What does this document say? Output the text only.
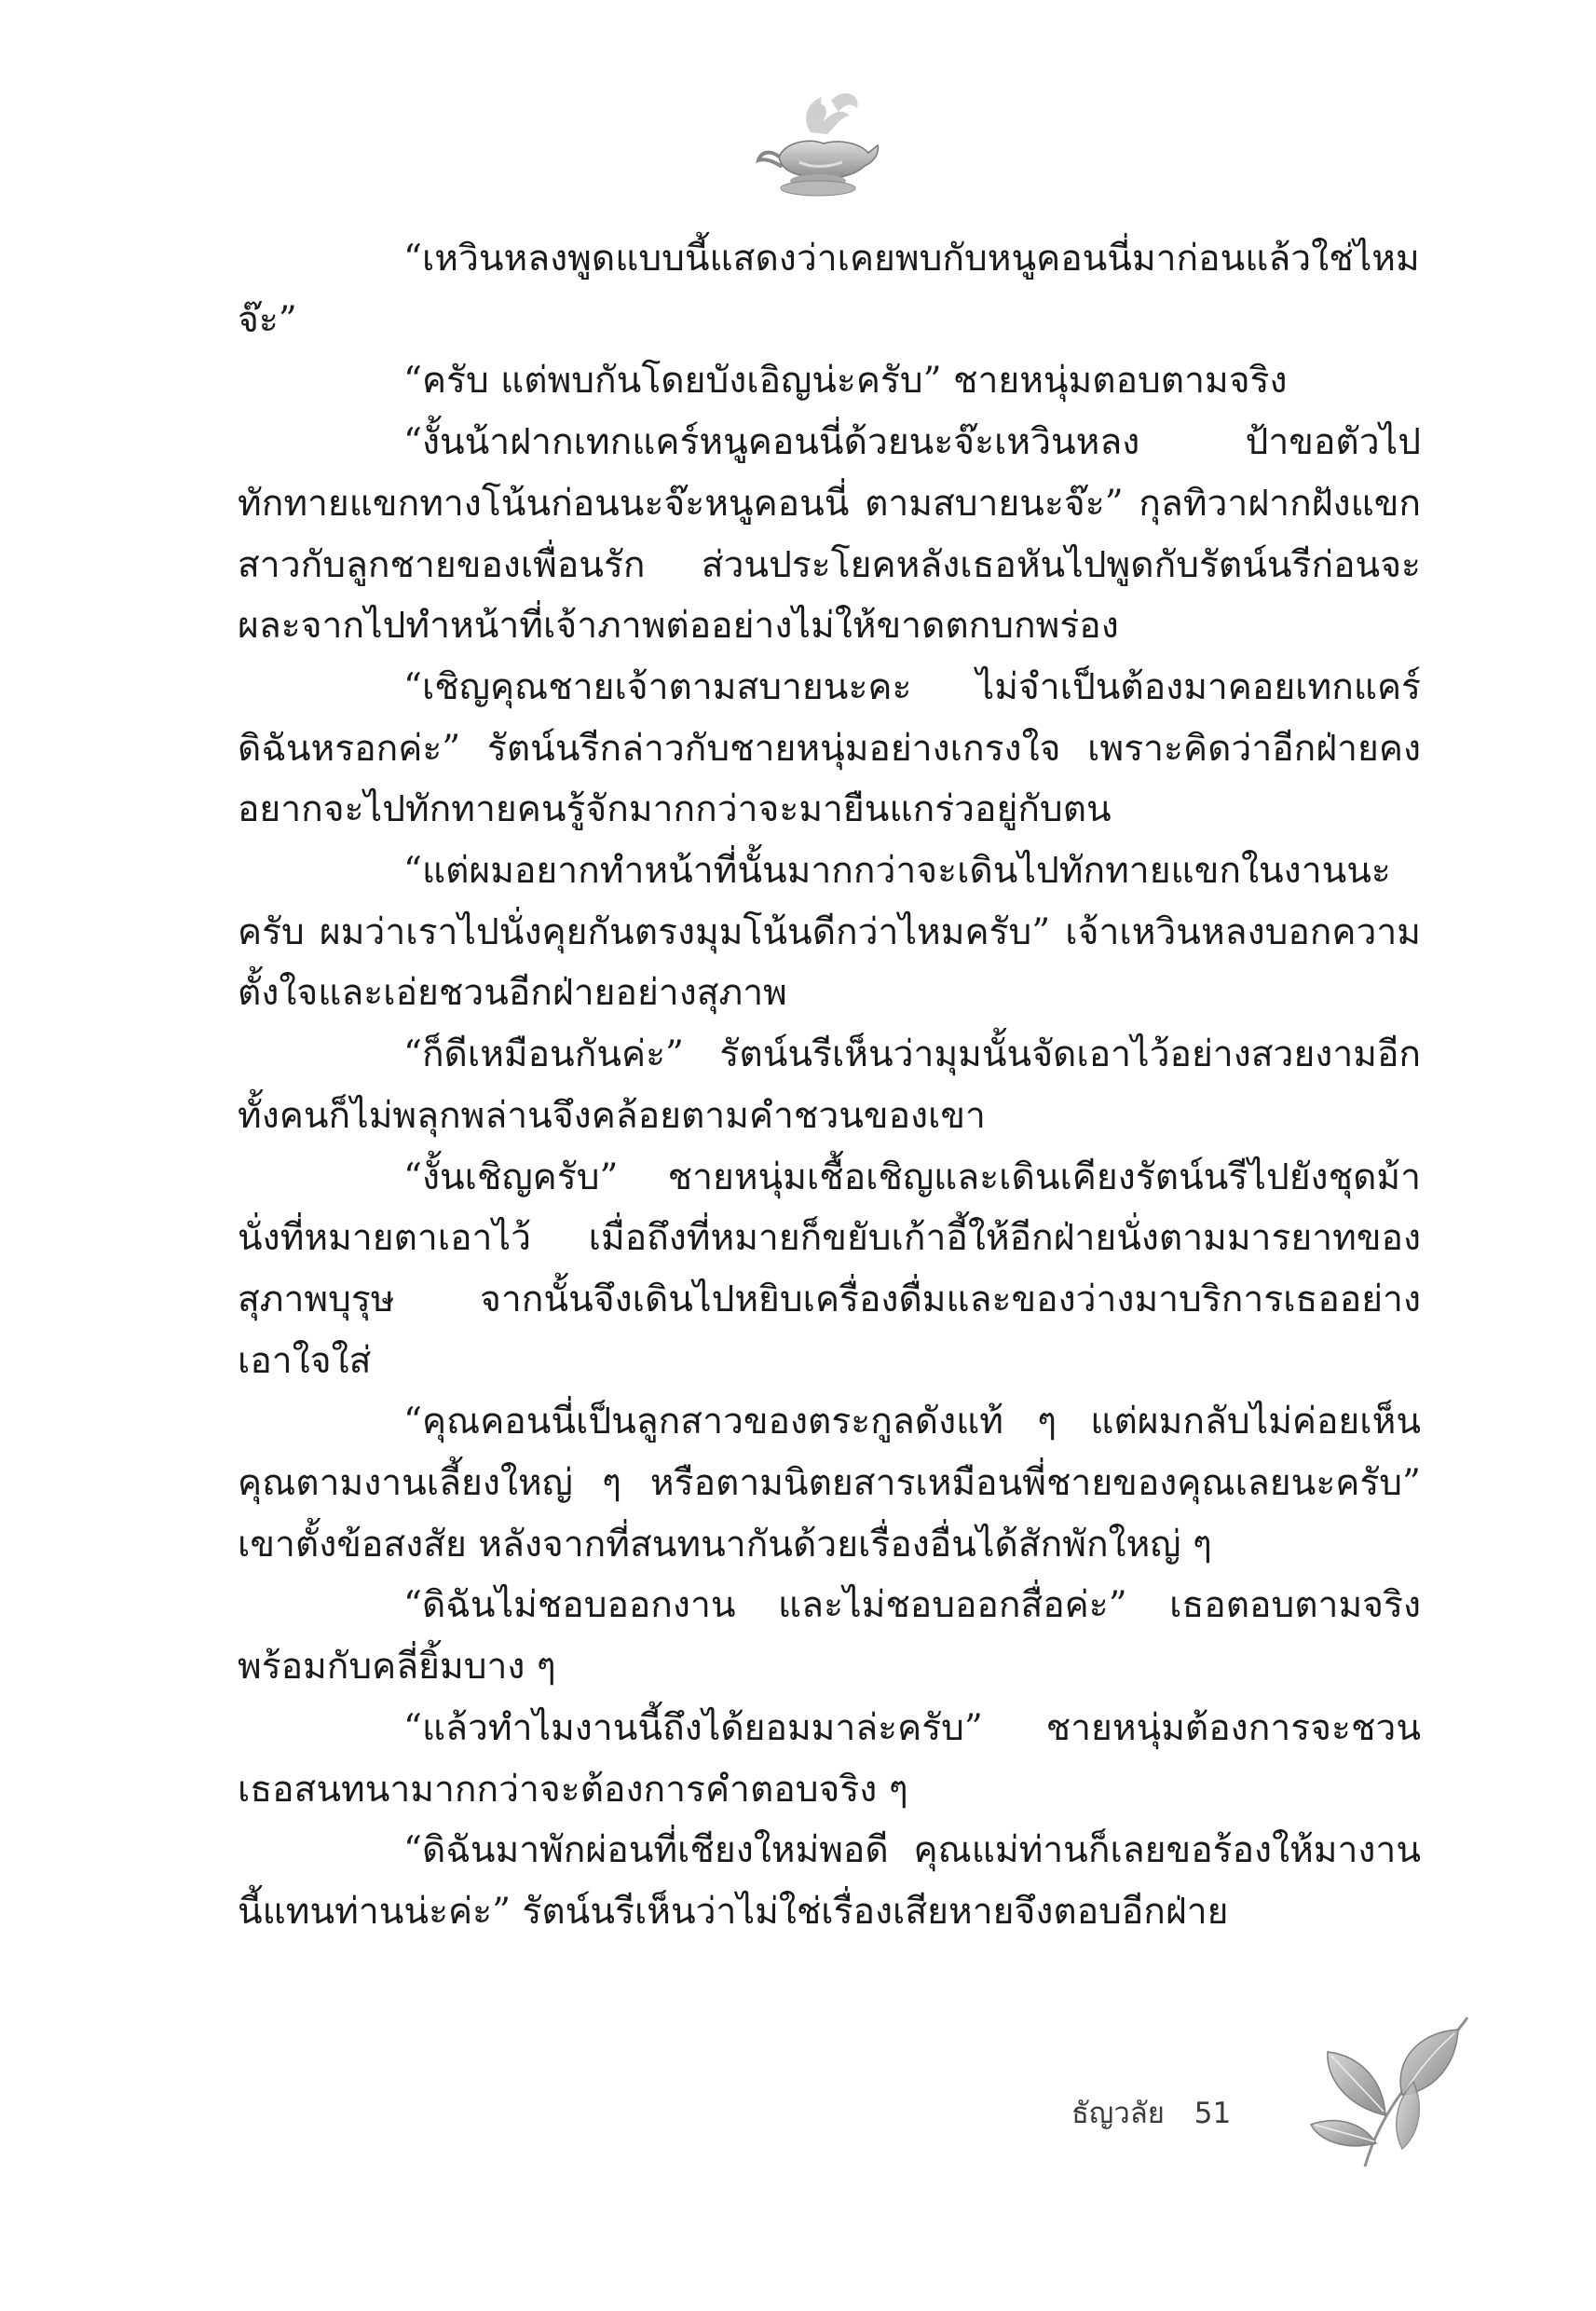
“เหวินหลงพูดแบบนี้แสดงว่าเคยพบกับหนูคอนนี่มาก่อนแล้วใช่ไหมจ๊ะ”

“ครับ แต่พบกันโดยบังเอิญน่ะครับ” ชายหนุ่มตอบตามจริง

“งั้นน้าฝากเทกแคร์หนูคอนนี่ด้วยนะจ๊ะเหวินหลง ป้าขอตัวไปทักทายแขกทางโน้นก่อนนะจ๊ะหนูคอนนี่ ตามสบายนะจ๊ะ” กุลทิวาฝากฝังแขกสาวกับลูกชายของเพื่อนรัก ส่วนประโยคหลังเธอหันไปพูดกับรัตน์นรีก่อนจะผละจากไปทำหน้าที่เจ้าภาพต่ออย่างไม่ให้ขาดตกบกพร่อง

“เชิญคุณชายเจ้าตามสบายนะคะ ไม่จำเป็นต้องมาคอยเทกแคร์ดิฉันหรอกค่ะ” รัตน์นรีกล่าวกับชายหนุ่มอย่างเกรงใจ เพราะคิดว่าอีกฝ่ายคงอยากจะไปทักทายคนรู้จักมากกว่าจะมายืนแกร่วอยู่กับตน

“แต่ผมอยากทำหน้าที่นั้นมากกว่าจะเดินไปทักทายแขกในงานนะครับ ผมว่าเราไปนั่งคุยกันตรงมุมโน้นดีกว่าไหมครับ” เจ้าเหวินหลงบอกความตั้งใจและเอ่ยชวนอีกฝ่ายอย่างสุภาพ

“ก็ดีเหมือนกันค่ะ” รัตน์นรีเห็นว่ามุมนั้นจัดเอาไว้อย่างสวยงามอีกทั้งคนก็ไม่พลุกพล่านจึงคล้อยตามคำชวนของเขา

“งั้นเชิญครับ” ชายหนุ่มเชื้อเชิญและเดินเคียงรัตน์นรีไปยังชุดม้านั่งที่หมายตาเอาไว้ เมื่อถึงที่หมายก็ขยับเก้าอี้ให้อีกฝ่ายนั่งตามมารยาทของสุภาพบุรุษ จากนั้นจึงเดินไปหยิบเครื่องดื่มและของว่างมาบริการเธออย่างเอาใจใส่

“คุณคอนนี่เป็นลูกสาวของตระกูลดังแท้ ๆ แต่ผมกลับไม่ค่อยเห็นคุณตามงานเลี้ยงใหญ่ ๆ หรือตามนิตยสารเหมือนพี่ชายของคุณเลยนะครับ” เขาตั้งข้อสงสัย หลังจากที่สนทนากันด้วยเรื่องอื่นได้สักพักใหญ่ ๆ

“ดิฉันไม่ชอบออกงาน และไม่ชอบออกสื่อค่ะ” เธอตอบตามจริงพร้อมกับคลี่ยิ้มบาง ๆ

“แล้วทำไมงานนี้ถึงได้ยอมมาล่ะครับ” ชายหนุ่มต้องการจะชวนเธอสนทนามากกว่าจะต้องการคำตอบจริง ๆ

“ดิฉันมาพักผ่อนที่เชียงใหม่พอดี คุณแม่ท่านก็เลยขอร้องให้มางานนี้แทนท่านน่ะค่ะ” รัตน์นรีเห็นว่าไม่ใช่เรื่องเสียหายจึงตอบอีกฝ่าย

ธัญวลัย 51
